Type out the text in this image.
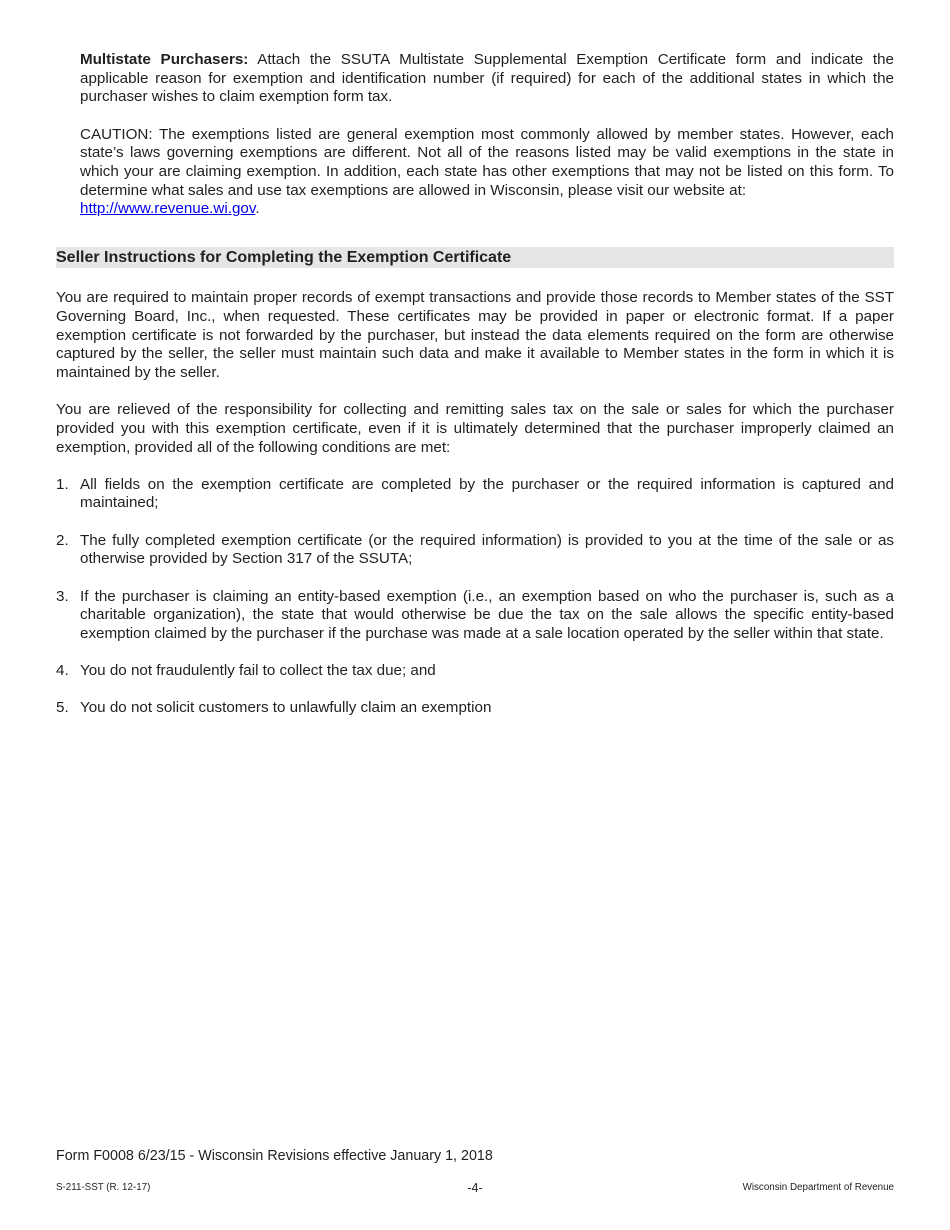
Multistate Purchasers: Attach the SSUTA Multistate Supplemental Exemption Certificate form and indicate the applicable reason for exemption and identification number (if required) for each of the additional states in which the purchaser wishes to claim exemption form tax.

CAUTION: The exemptions listed are general exemption most commonly allowed by member states. However, each state’s laws governing exemptions are different. Not all of the reasons listed may be valid exemptions in the state in which your are claiming exemption. In addition, each state has other exemptions that may not be listed on this form. To determine what sales and use tax exemptions are allowed in Wisconsin, please visit our website at:
http://www.revenue.wi.gov.

Seller Instructions for Completing the Exemption Certificate

You are required to maintain proper records of exempt transactions and provide those records to Member states of the SST Governing Board, Inc., when requested. These certificates may be provided in paper or electronic format. If a paper exemption certificate is not forwarded by the purchaser, but instead the data elements required on the form are otherwise captured by the seller, the seller must maintain such data and make it available to Member states in the form in which it is maintained by the seller.

You are relieved of the responsibility for collecting and remitting sales tax on the sale or sales for which the purchaser provided you with this exemption certificate, even if it is ultimately determined that the purchaser improperly claimed an exemption, provided all of the following conditions are met:

1. All fields on the exemption certificate are completed by the purchaser or the required information is captured and maintained;
2. The fully completed exemption certificate (or the required information) is provided to you at the time of the sale or as otherwise provided by Section 317 of the SSUTA;
3. If the purchaser is claiming an entity-based exemption (i.e., an exemption based on who the purchaser is, such as a charitable organization), the state that would otherwise be due the tax on the sale allows the specific entity-based exemption claimed by the purchaser if the purchase was made at a sale location operated by the seller within that state.
4. You do not fraudulently fail to collect the tax due; and
5. You do not solicit customers to unlawfully claim an exemption
Form F0008 6/23/15 - Wisconsin Revisions effective January 1, 2018
S-211-SST (R. 12-17)	-4-	Wisconsin Department of Revenue
